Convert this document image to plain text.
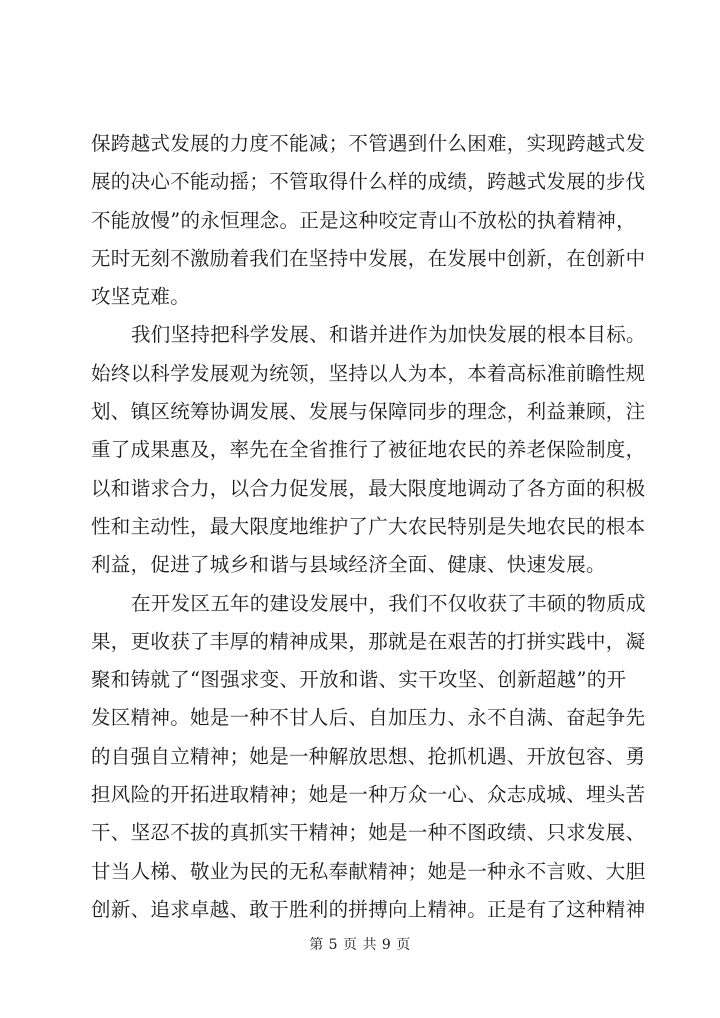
保跨越式发展的力度不能减；不管遇到什么困难，实现跨越式发
展的决心不能动摇；不管取得什么样的成绩，跨越式发展的步伐
不能放慢”的永恒理念。正是这种咬定青山不放松的执着精神，
无时无刻不激励着我们在坚持中发展，在发展中创新，在创新中
攻坚克难。
我们坚持把科学发展、和谐并进作为加快发展的根本目标。
始终以科学发展观为统领，坚持以人为本，本着高标准前瞻性规
划、镇区统筹协调发展、发展与保障同步的理念，利益兼顾，注
重了成果惠及，率先在全省推行了被征地农民的养老保险制度，
以和谐求合力，以合力促发展，最大限度地调动了各方面的积极
性和主动性，最大限度地维护了广大农民特别是失地农民的根本
利益，促进了城乡和谐与县域经济全面、健康、快速发展。
在开发区五年的建设发展中，我们不仅收获了丰硕的物质成
果，更收获了丰厚的精神成果，那就是在艰苦的打拼实践中，凝
聚和铸就了“图强求变、开放和谐、实干攻坚、创新超越”的开
发区精神。她是一种不甘人后、自加压力、永不自满、奋起争先
的自强自立精神；她是一种解放思想、抢抓机遇、开放包容、勇
担风险的开拓进取精神；她是一种万众一心、众志成城、埋头苦
干、坚忍不拔的真抓实干精神；她是一种不图政绩、只求发展、
甘当人梯、敬业为民的无私奉献精神；她是一种永不言败、大胆
创新、追求卓越、敢于胜利的拼搏向上精神。正是有了这种精神
第 5 页 共 9 页
